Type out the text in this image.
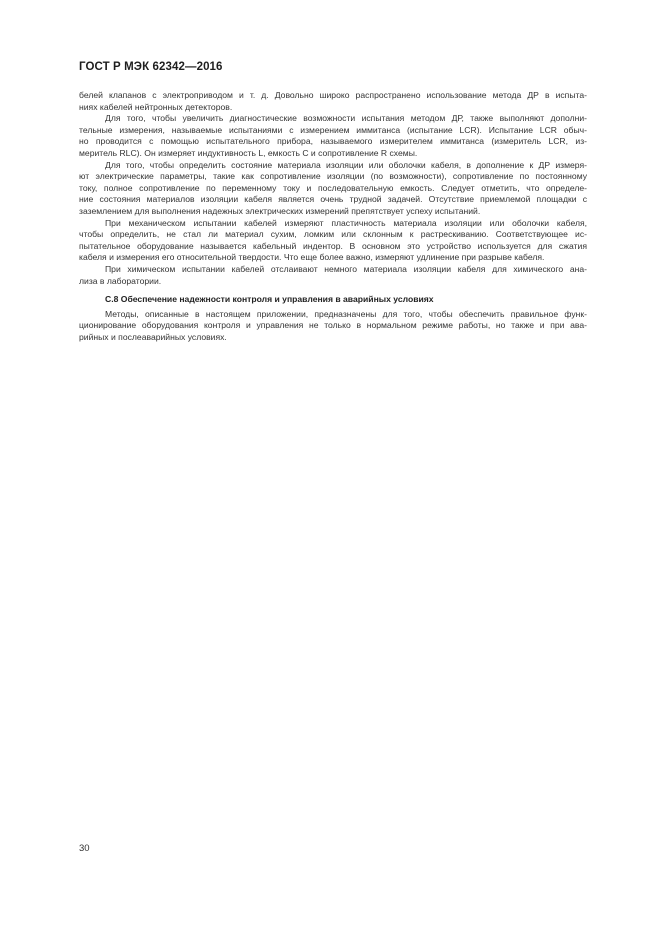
ГОСТ Р МЭК 62342—2016
белей клапанов с электроприводом и т. д. Довольно широко распространено использование метода ДР в испыта-
ниях кабелей нейтронных детекторов.
Для того, чтобы увеличить диагностические возможности испытания методом ДР, также выполняют дополни-
тельные измерения, называемые испытаниями с измерением иммитанса (испытание LCR). Испытание LCR обыч-
но проводится с помощью испытательного прибора, называемого измерителем иммитанса (измеритель LCR, из-
меритель RLC). Он измеряет индуктивность L, емкость C и сопротивление R схемы.
Для того, чтобы определить состояние материала изоляции или оболочки кабеля, в дополнение к ДР измеря-
ют электрические параметры, такие как сопротивление изоляции (по возможности), сопротивление по постоянному
току, полное сопротивление по переменному току и последовательную емкость. Следует отметить, что определе-
ние состояния материалов изоляции кабеля является очень трудной задачей. Отсутствие приемлемой площадки с
заземлением для выполнения надежных электрических измерений препятствует успеху испытаний.
При механическом испытании кабелей измеряют пластичность материала изоляции или оболочки кабеля,
чтобы определить, не стал ли материал сухим, ломким или склонным к растрескиванию. Соответствующее ис-
пытательное оборудование называется кабельный индентор. В основном это устройство используется для сжатия
кабеля и измерения его относительной твердости. Что еще более важно, измеряют удлинение при разрыве кабеля.
При химическом испытании кабелей отслаивают немного материала изоляции кабеля для химического ана-
лиза в лаборатории.
С.8 Обеспечение надежности контроля и управления в аварийных условиях
Методы, описанные в настоящем приложении, предназначены для того, чтобы обеспечить правильное функ-
ционирование оборудования контроля и управления не только в нормальном режиме работы, но также и при ава-
рийных и послеаварийных условиях.
30
